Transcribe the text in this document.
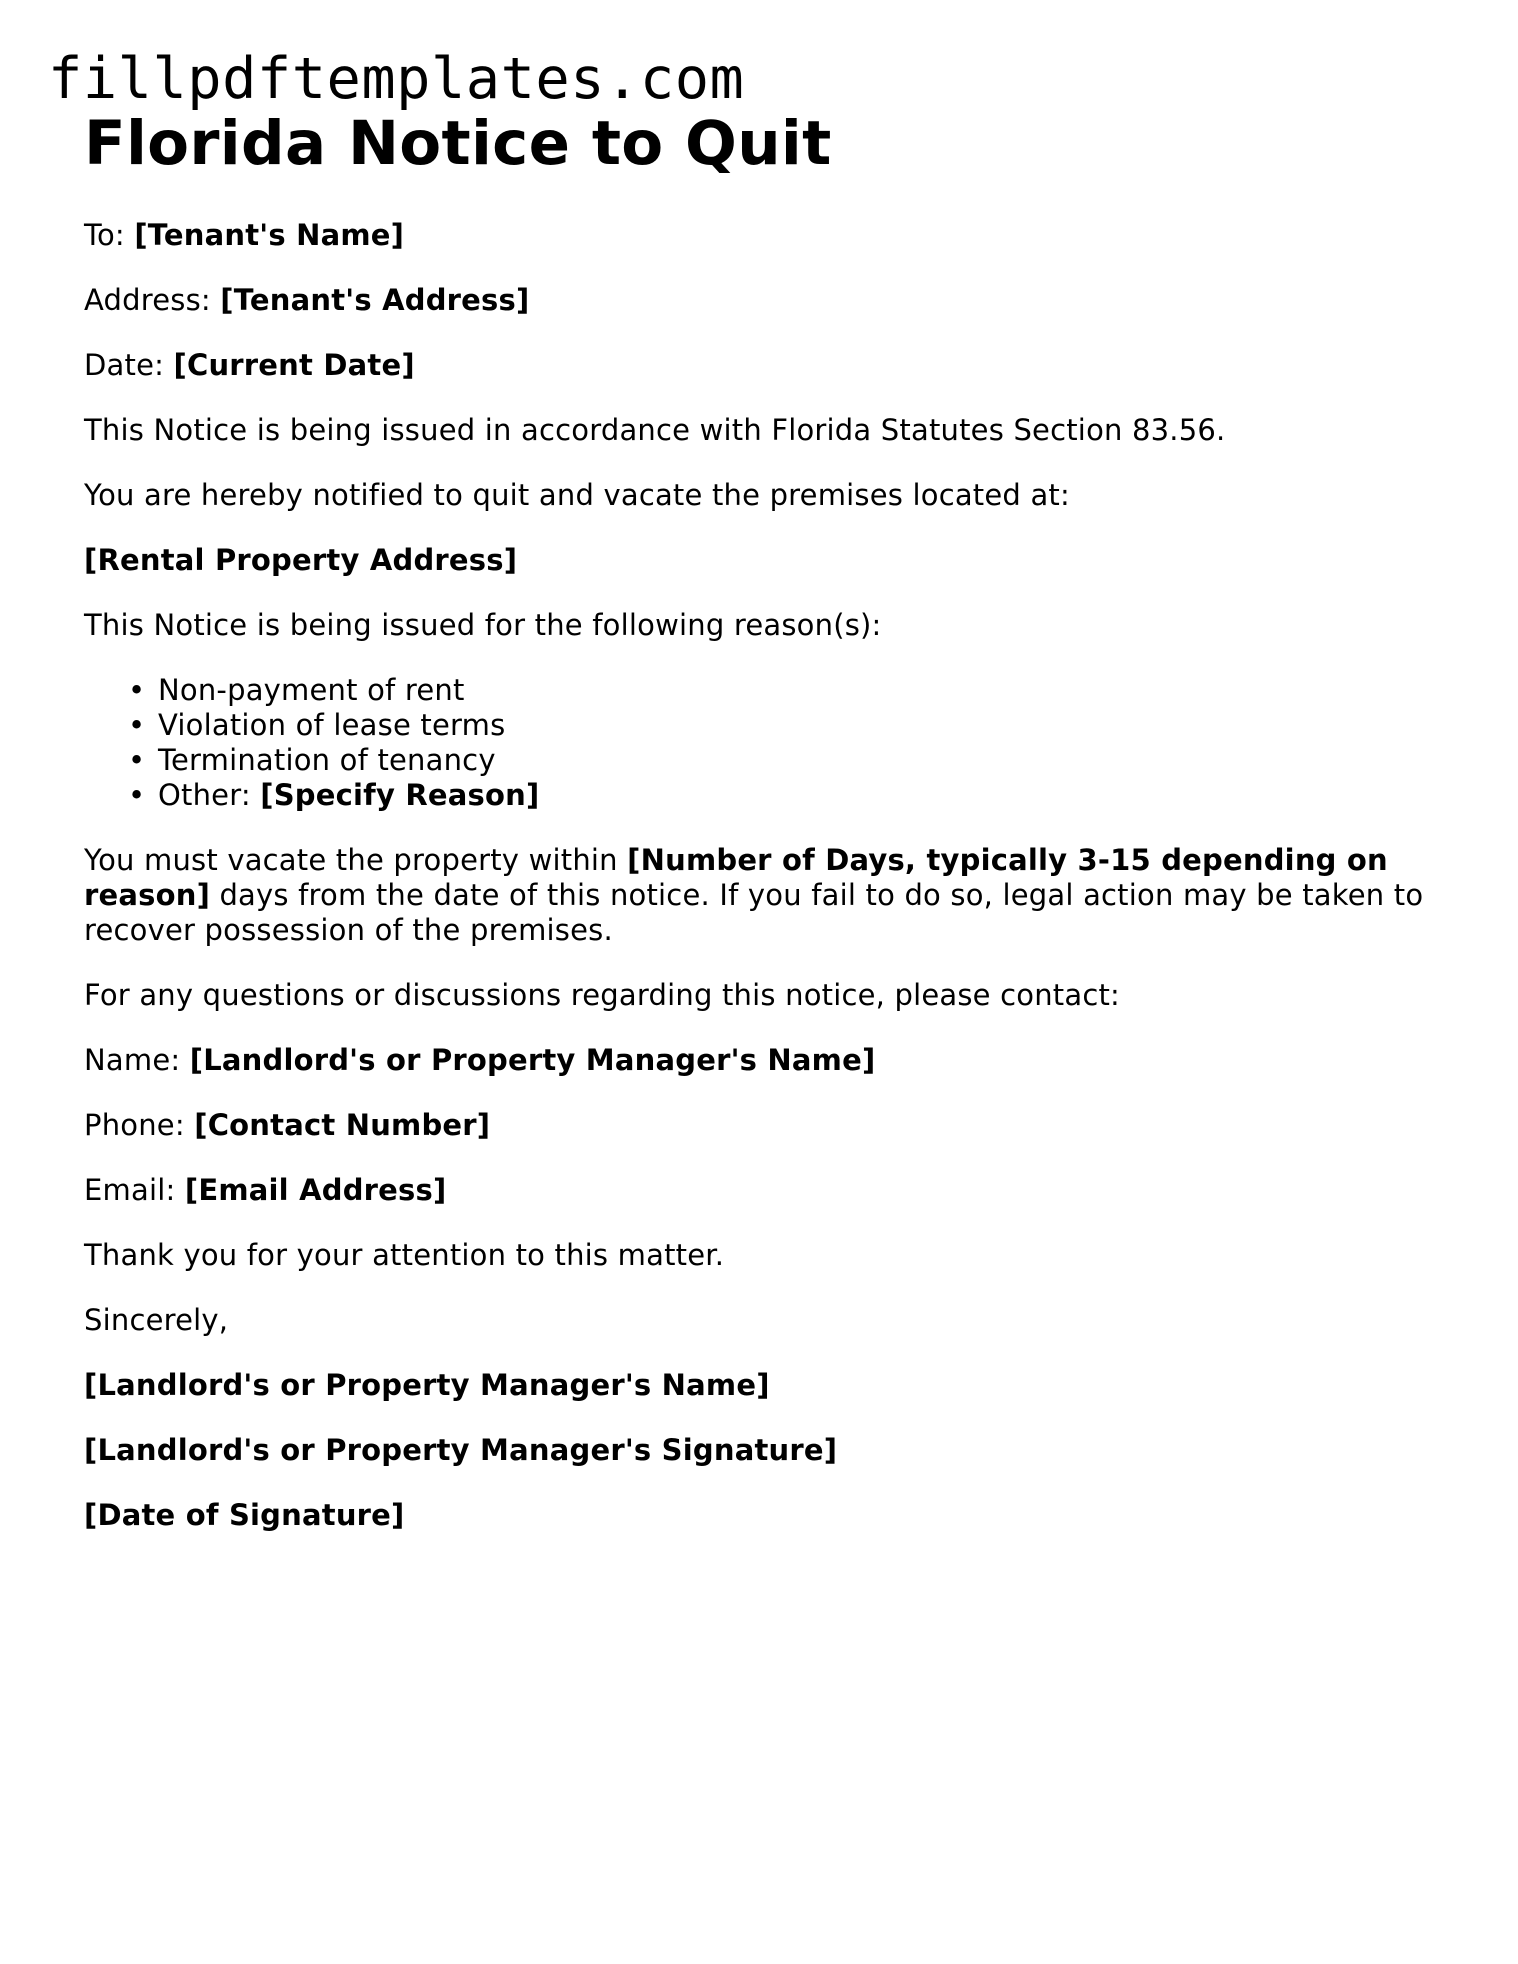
fillpdftemplates.com
Florida Notice to Quit

To: [Tenant's Name]

Address: [Tenant's Address]

Date: [Current Date]

This Notice is being issued in accordance with Florida Statutes Section 83.56.

You are hereby notified to quit and vacate the premises located at:

[Rental Property Address]

This Notice is being issued for the following reason(s):

• Non-payment of rent
• Violation of lease terms
• Termination of tenancy
• Other: [Specify Reason]

You must vacate the property within [Number of Days, typically 3-15 depending on reason] days from the date of this notice. If you fail to do so, legal action may be taken to recover possession of the premises.

For any questions or discussions regarding this notice, please contact:

Name: [Landlord's or Property Manager's Name]

Phone: [Contact Number]

Email: [Email Address]

Thank you for your attention to this matter.

Sincerely,

[Landlord's or Property Manager's Name]

[Landlord's or Property Manager's Signature]

[Date of Signature]
